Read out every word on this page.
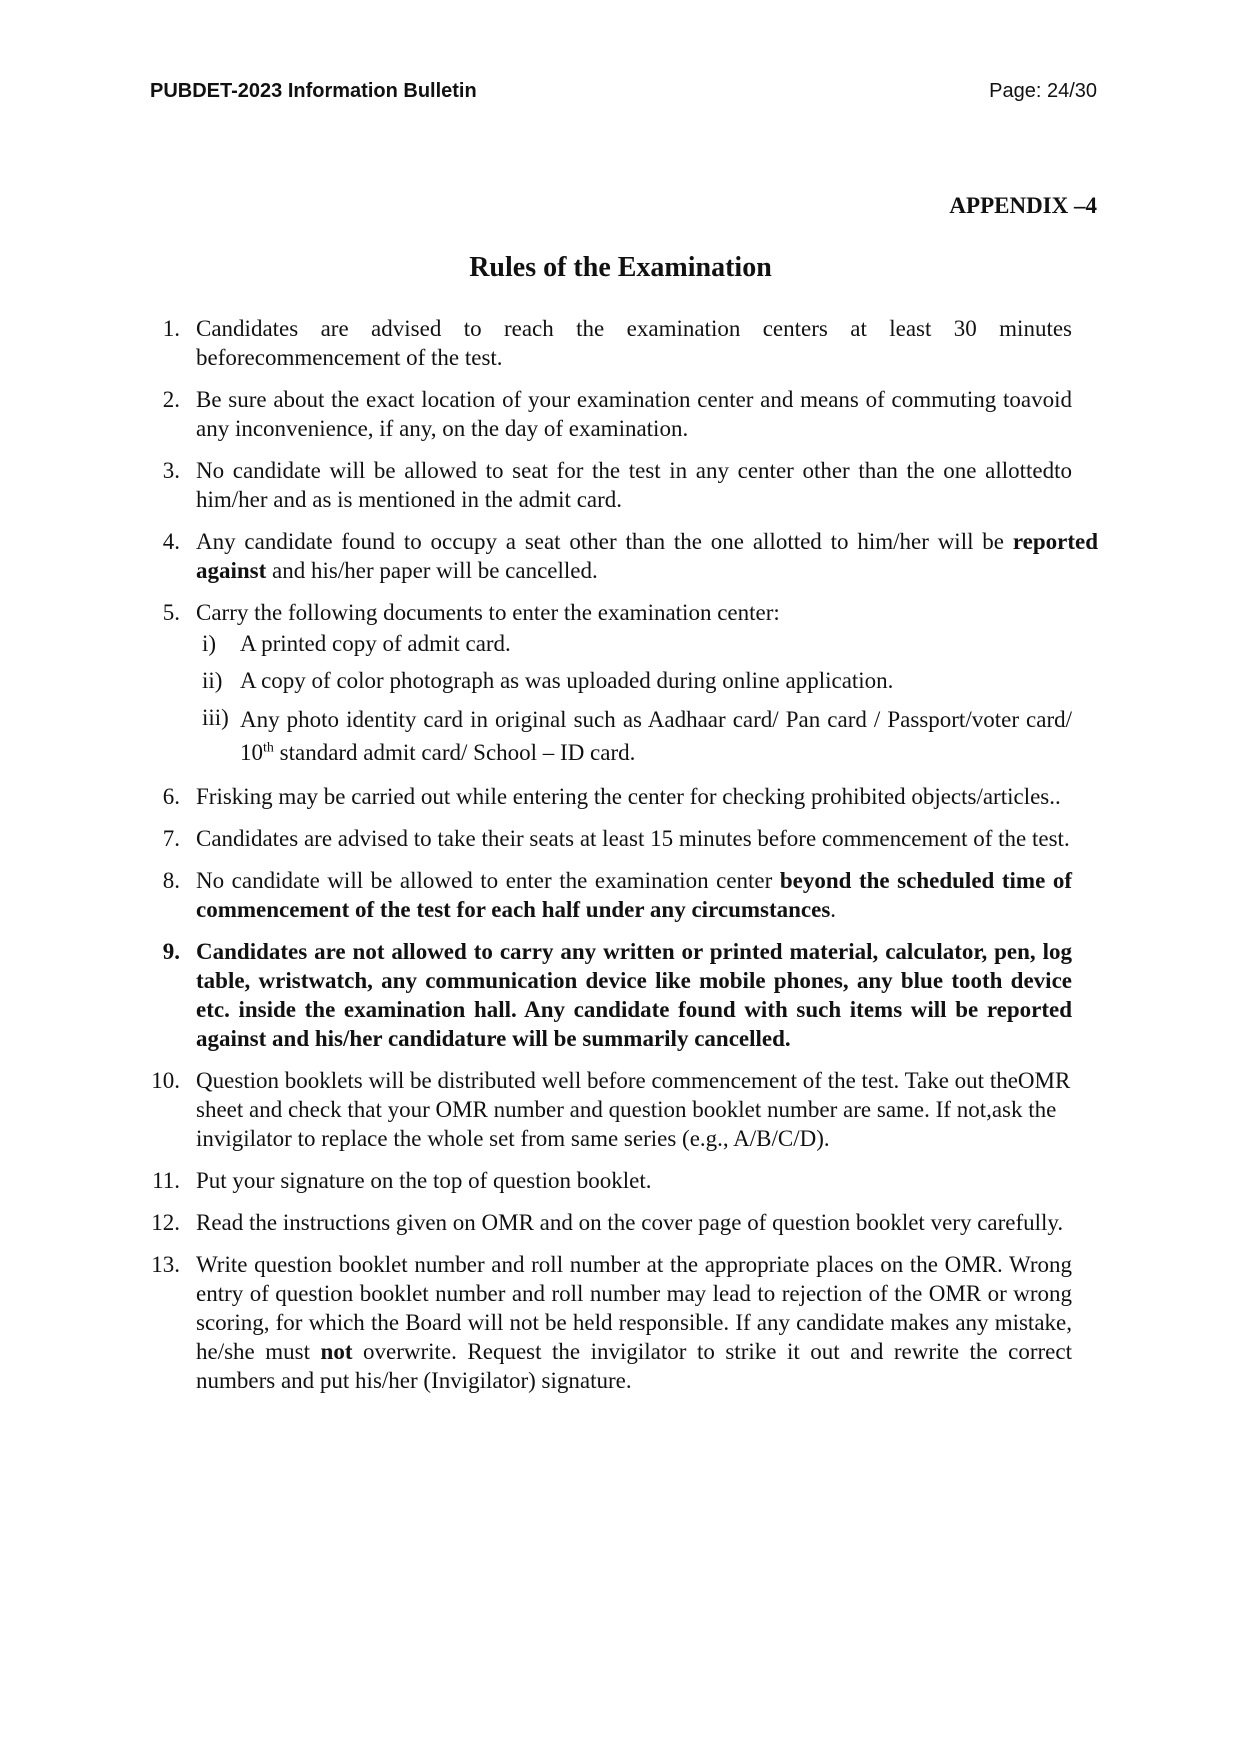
PUBDET-2023 Information Bulletin	Page: 24/30
APPENDIX –4
Rules of the Examination
1. Candidates are advised to reach the examination centers at least 30 minutes beforecommencement of the test.
2. Be sure about the exact location of your examination center and means of commuting toavoid any inconvenience, if any, on the day of examination.
3. No candidate will be allowed to seat for the test in any center other than the one allottedto him/her and as is mentioned in the admit card.
4. Any candidate found to occupy a seat other than the one allotted to him/her will be reported against and his/her paper will be cancelled.
5. Carry the following documents to enter the examination center:
i) A printed copy of admit card.
ii) A copy of color photograph as was uploaded during online application.
iii) Any photo identity card in original such as Aadhaar card/ Pan card / Passport/voter card/ 10th standard admit card/ School – ID card.
6. Frisking may be carried out while entering the center for checking prohibited objects/articles..
7. Candidates are advised to take their seats at least 15 minutes before commencement of the test.
8. No candidate will be allowed to enter the examination center beyond the scheduled time of commencement of the test for each half under any circumstances.
9. Candidates are not allowed to carry any written or printed material, calculator, pen, log table, wristwatch, any communication device like mobile phones, any blue tooth device etc. inside the examination hall. Any candidate found with such items will be reported against and his/her candidature will be summarily cancelled.
10. Question booklets will be distributed well before commencement of the test. Take out theOMR sheet and check that your OMR number and question booklet number are same. If not,ask the invigilator to replace the whole set from same series (e.g., A/B/C/D).
11. Put your signature on the top of question booklet.
12. Read the instructions given on OMR and on the cover page of question booklet very carefully.
13. Write question booklet number and roll number at the appropriate places on the OMR. Wrong entry of question booklet number and roll number may lead to rejection of the OMR or wrong scoring, for which the Board will not be held responsible. If any candidate makes any mistake, he/she must not overwrite. Request the invigilator to strike it out and rewrite the correct numbers and put his/her (Invigilator) signature.
